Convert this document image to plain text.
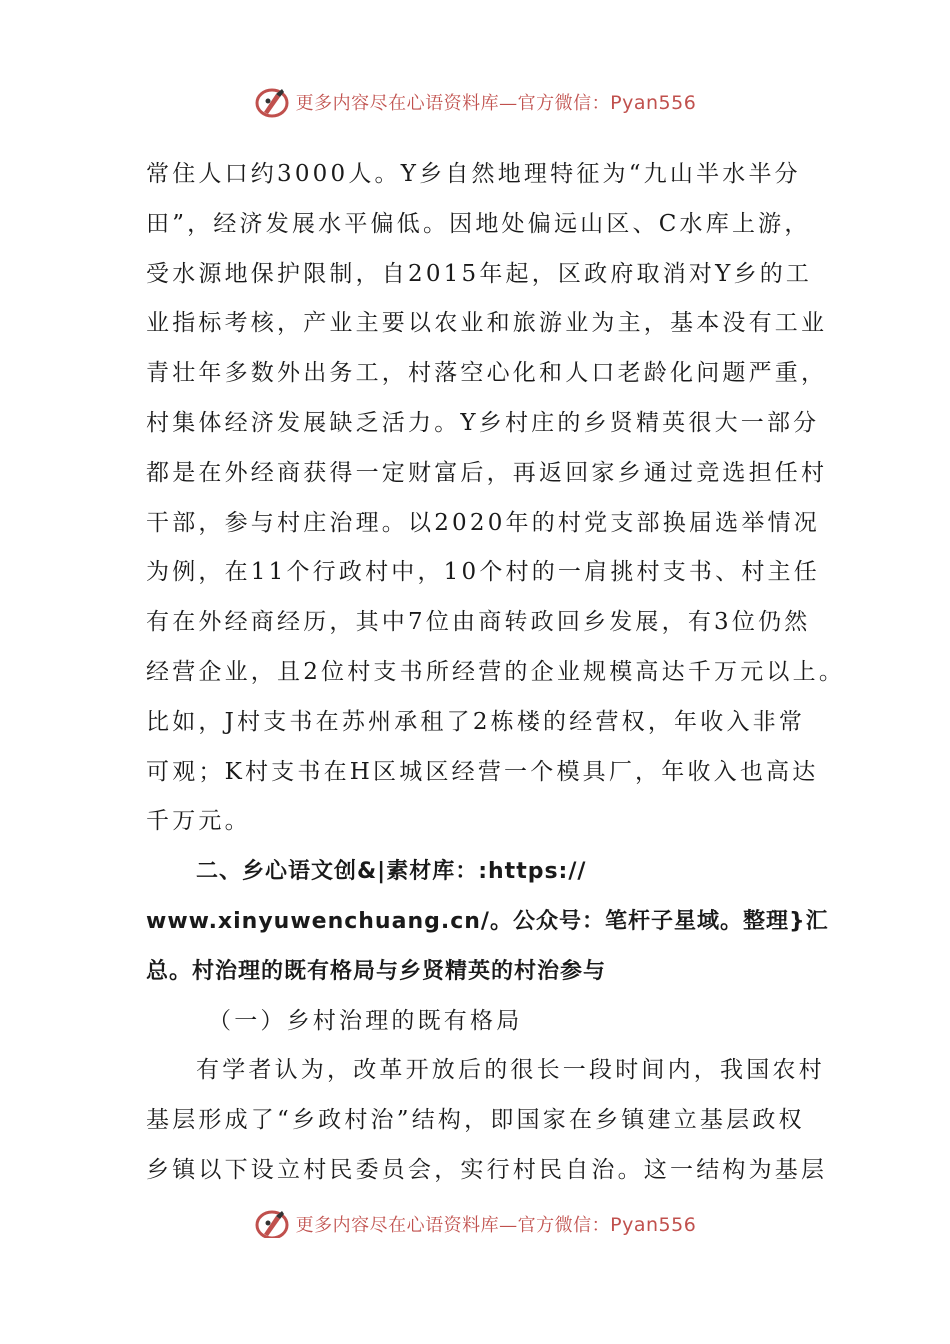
更多内容尽在心语资料库—官方微信：Pyan556
常住人口约3000人。Y乡自然地理特征为“九山半水半分
田”，经济发展水平偏低。因地处偏远山区、C水库上游，
受水源地保护限制，自2015年起，区政府取消对Y乡的工
业指标考核，产业主要以农业和旅游业为主，基本没有工业
青壮年多数外出务工，村落空心化和人口老龄化问题严重，
村集体经济发展缺乏活力。Y乡村庄的乡贤精英很大一部分
都是在外经商获得一定财富后，再返回家乡通过竞选担任村
干部，参与村庄治理。以2020年的村党支部换届选举情况
为例，在11个行政村中，10个村的一肩挑村支书、村主任
有在外经商经历，其中7位由商转政回乡发展，有3位仍然
经营企业，且2位村支书所经营的企业规模高达千万元以上。
比如，J村支书在苏州承租了2栋楼的经营权，年收入非常
可观；K村支书在H区城区经营一个模具厂，年收入也高达
千万元。
二、乡心语文创&|素材库：:https://
www.xinyuwenchuang.cn/。公众号：笔杆子星域。整理}汇
总。村治理的既有格局与乡贤精英的村治参与
（一）乡村治理的既有格局
有学者认为，改革开放后的很长一段时间内，我国农村
基层形成了“乡政村治”结构，即国家在乡镇建立基层政权
乡镇以下设立村民委员会，实行村民自治。这一结构为基层
更多内容尽在心语资料库—官方微信：Pyan556
